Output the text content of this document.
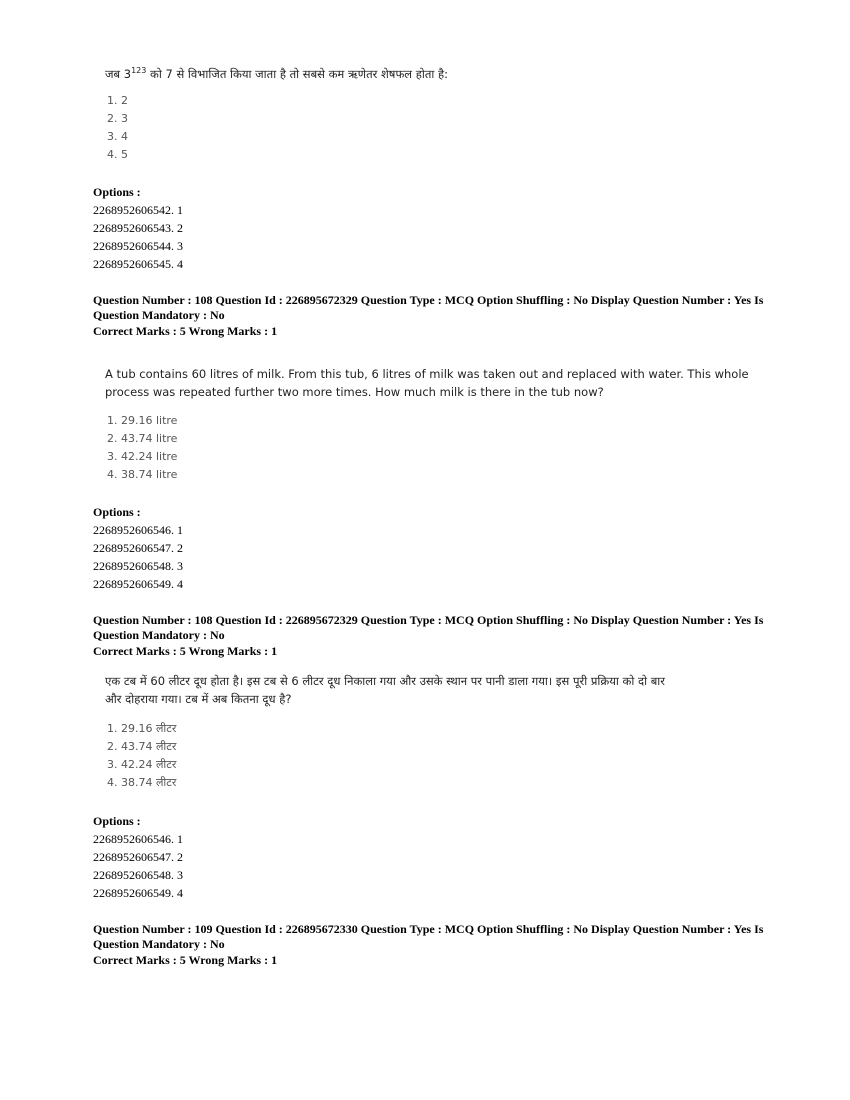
जब $3^{123}$ को 7 से विभाजित किया जाता है तो सबसे कम ऋणेतर शेषफल होता है:
1. 2
2. 3
3. 4
4. 5
Options :
2268952606542. 1
2268952606543. 2
2268952606544. 3
2268952606545. 4
Question Number : 108 Question Id : 226895672329 Question Type : MCQ Option Shuffling : No Display Question Number : Yes Is Question Mandatory : No
Correct Marks : 5 Wrong Marks : 1
A tub contains 60 litres of milk. From this tub, 6 litres of milk was taken out and replaced with water. This whole
process was repeated further two more times. How much milk is there in the tub now?
1. 29.16 litre
2. 43.74 litre
3. 42.24 litre
4. 38.74 litre
Options :
2268952606546. 1
2268952606547. 2
2268952606548. 3
2268952606549. 4
Question Number : 108 Question Id : 226895672329 Question Type : MCQ Option Shuffling : No Display Question Number : Yes Is Question Mandatory : No
Correct Marks : 5 Wrong Marks : 1
एक टब में 60 लीटर दूध होता है। इस टब से 6 लीटर दूध निकाला गया और उसके स्थान पर पानी डाला गया। इस पूरी प्रक्रिया को दो बार
और दोहराया गया। टब में अब कितना दूध है?
1. 29.16 लीटर
2. 43.74 लीटर
3. 42.24 लीटर
4. 38.74 लीटर
Options :
2268952606546. 1
2268952606547. 2
2268952606548. 3
2268952606549. 4
Question Number : 109 Question Id : 226895672330 Question Type : MCQ Option Shuffling : No Display Question Number : Yes Is Question Mandatory : No
Correct Marks : 5 Wrong Marks : 1
